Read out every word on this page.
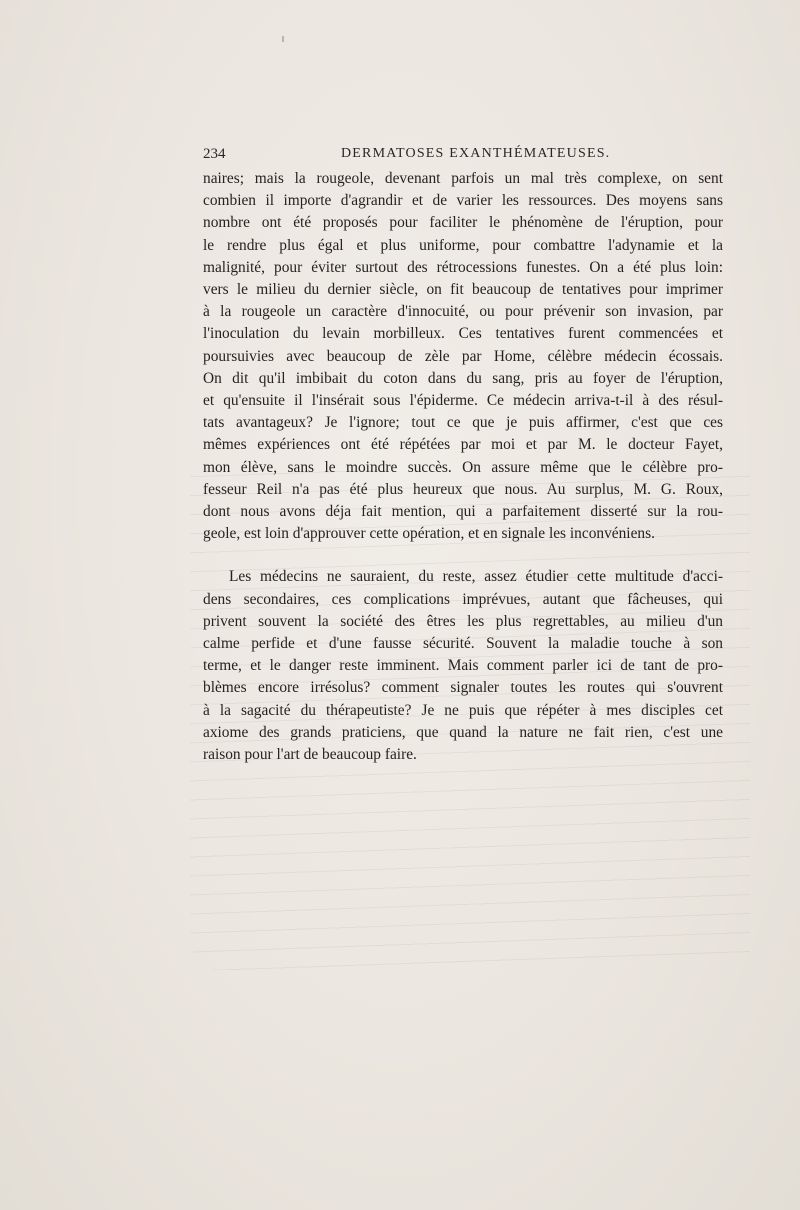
234	DERMATOSES EXANTHÉMATEUSES.
naires; mais la rougeole, devenant parfois un mal très complexe, on sent
combien il importe d'agrandir et de varier les ressources. Des moyens sans
nombre ont été proposés pour faciliter le phénomène de l'éruption, pour
le rendre plus égal et plus uniforme, pour combattre l'adynamie et la
malignité, pour éviter surtout des rétrocessions funestes. On a été plus loin:
vers le milieu du dernier siècle, on fit beaucoup de tentatives pour imprimer
à la rougeole un caractère d'innocuité, ou pour prévenir son invasion, par
l'inoculation du levain morbilleux. Ces tentatives furent commencées et
poursuivies avec beaucoup de zèle par Home, célèbre médecin écossais.
On dit qu'il imbibait du coton dans du sang, pris au foyer de l'éruption,
et qu'ensuite il l'insérait sous l'épiderme. Ce médecin arriva-t-il à des résul-
tats avantageux? Je l'ignore; tout ce que je puis affirmer, c'est que ces
mêmes expériences ont été répétées par moi et par M. le docteur Fayet,
mon élève, sans le moindre succès. On assure même que le célèbre pro-
fesseur Reil n'a pas été plus heureux que nous. Au surplus, M. G. Roux,
dont nous avons déja fait mention, qui a parfaitement disserté sur la rou-
geole, est loin d'approuver cette opération, et en signale les inconvéniens.
Les médecins ne sauraient, du reste, assez étudier cette multitude d'acci-
dens secondaires, ces complications imprévues, autant que fâcheuses, qui
privent souvent la société des êtres les plus regrettables, au milieu d'un
calme perfide et d'une fausse sécurité. Souvent la maladie touche à son
terme, et le danger reste imminent. Mais comment parler ici de tant de pro-
blèmes encore irrésolus? comment signaler toutes les routes qui s'ouvrent
à la sagacité du thérapeutiste? Je ne puis que répéter à mes disciples cet
axiome des grands praticiens, que quand la nature ne fait rien, c'est une
raison pour l'art de beaucoup faire.
